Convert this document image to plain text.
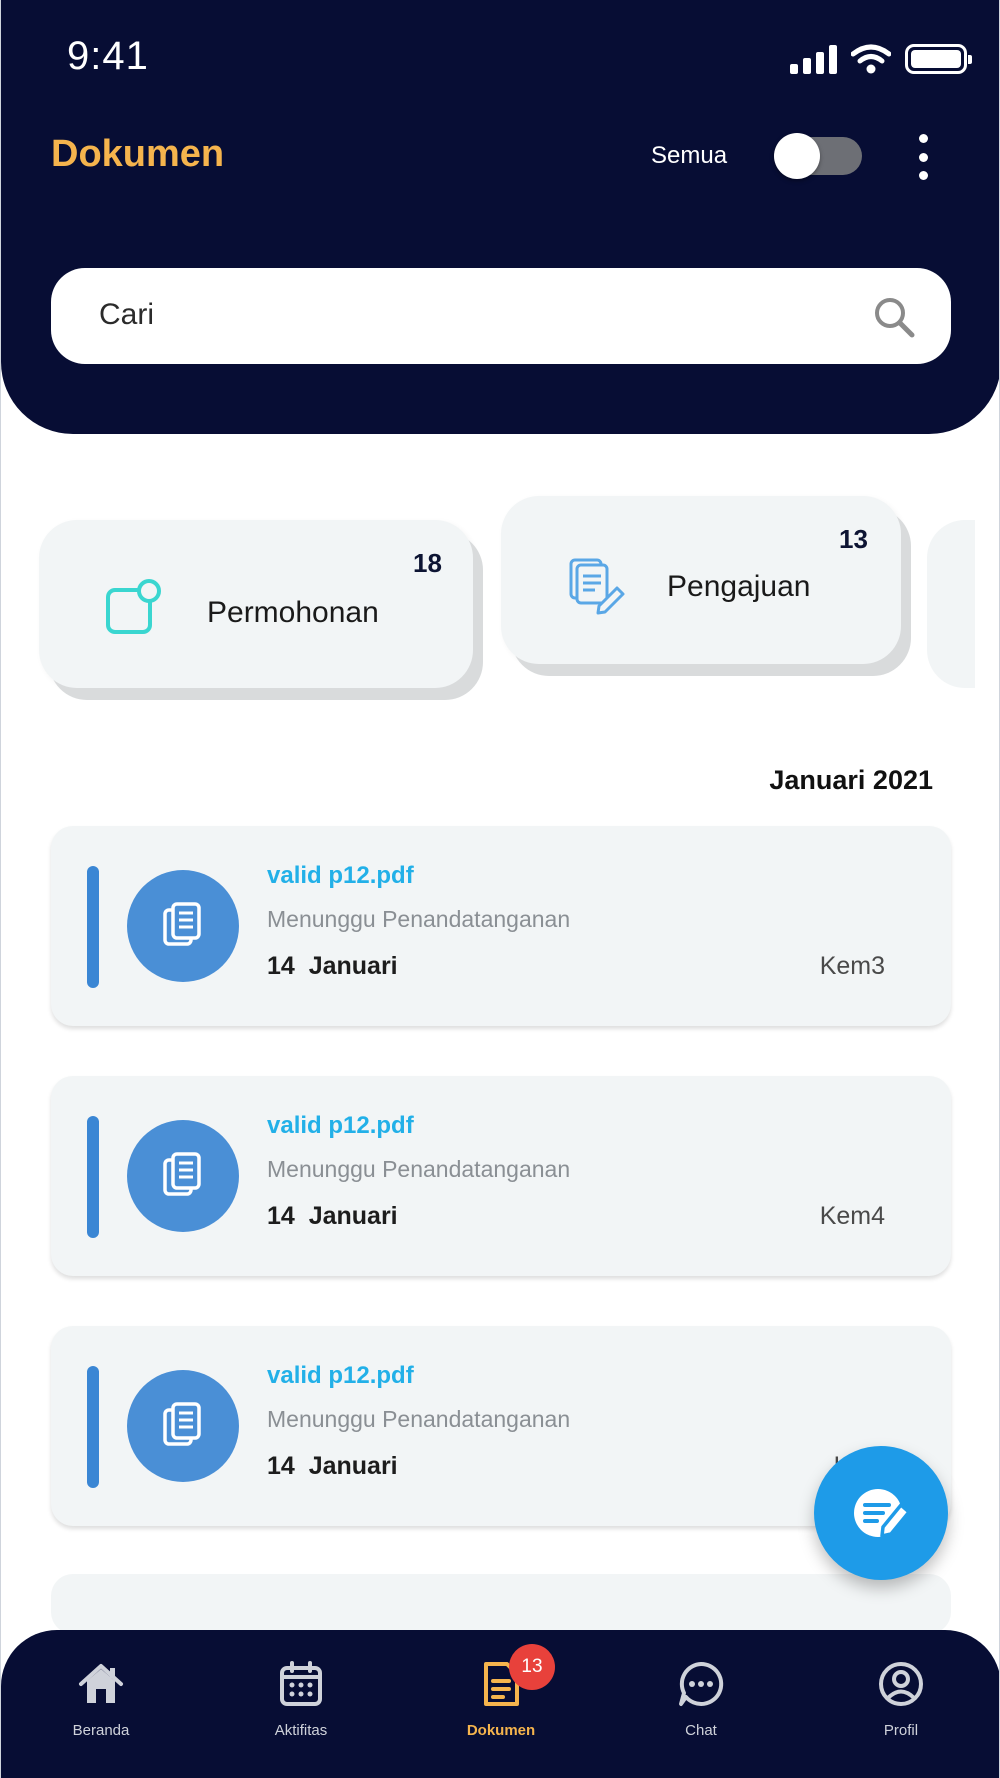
9:41
Dokumen	Semua
Cari
Permohonan
18
Pengajuan
13
Januari 2021
valid p12.pdf
Menunggu Penandatanganan
14  Januari	Kem3
valid p12.pdf
Menunggu Penandatanganan
14  Januari	Kem4
valid p12.pdf
Menunggu Penandatanganan
14  Januari
Beranda	Aktifitas	Dokumen
13
Chat	Profil
